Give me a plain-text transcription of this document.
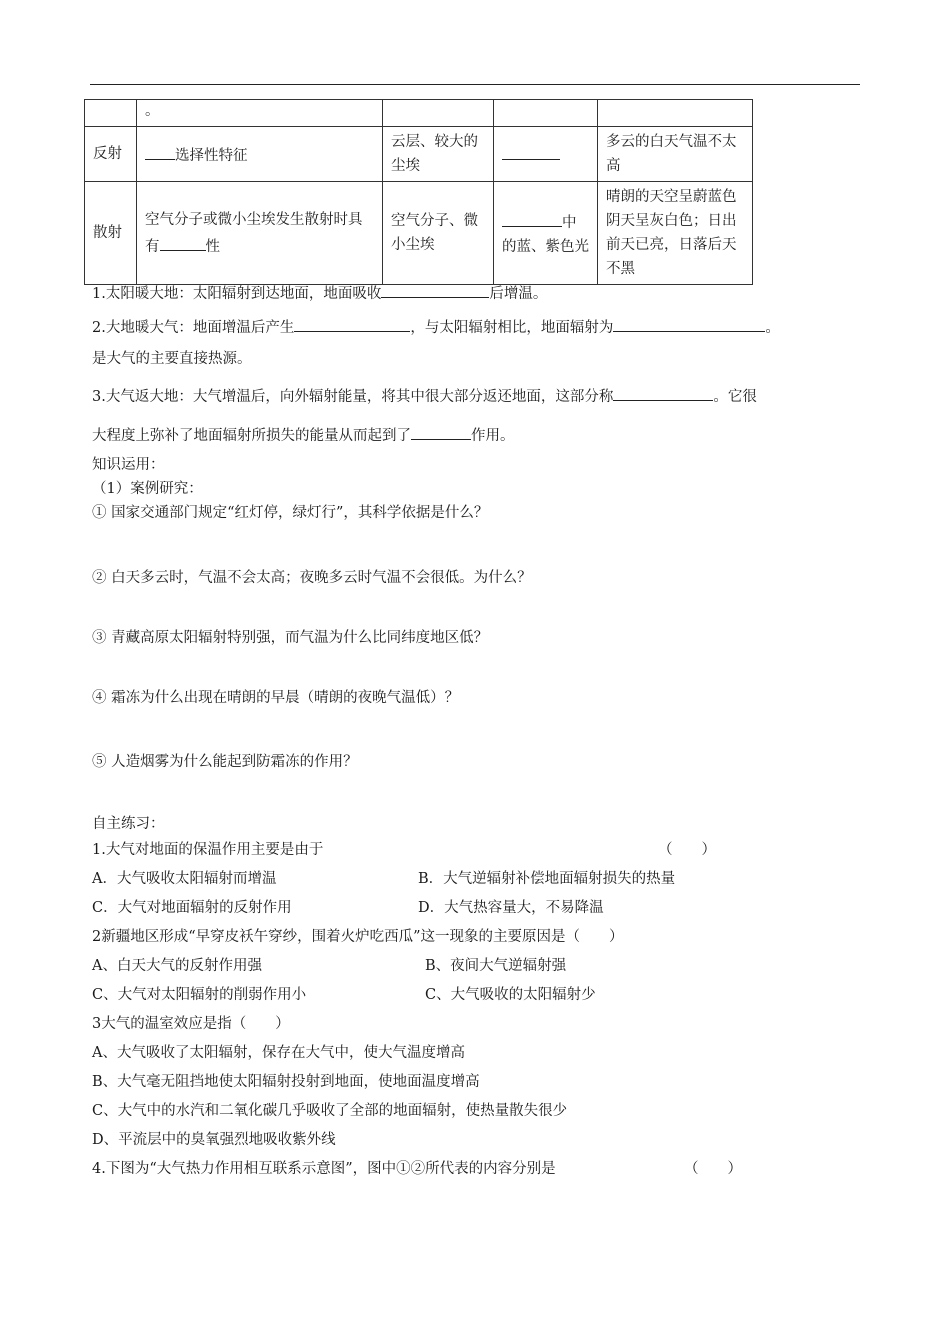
	。			
反射	选择性特征	云层、较大的尘埃		多云的白天气温不太高
散射	空气分子或微小尘埃发生散射时具有 性	空气分子、微小尘埃	中的蓝、紫色光	晴朗的天空呈蔚蓝色阴天呈灰白色；日出前天已亮，日落后天不黑
1.太阳暖大地：太阳辐射到达地面，地面吸收	后增温。
2.大地暖大气：地面增温后产生	，与太阳辐射相比，地面辐射为	。
是大气的主要直接热源。
3.大气返大地：大气增温后，向外辐射能量，将其中很大部分返还地面，这部分称	。它很
大程度上弥补了地面辐射所损失的能量从而起到了	作用。
知识运用：
（1）案例研究：
① 国家交通部门规定“红灯停，绿灯行”，其科学依据是什么？
② 白天多云时，气温不会太高；夜晚多云时气温不会很低。为什么？
③ 青藏高原太阳辐射特别强，而气温为什么比同纬度地区低？
④ 霜冻为什么出现在晴朗的早晨（晴朗的夜晚气温低）？
⑤ 人造烟雾为什么能起到防霜冻的作用？
自主练习：
1.大气对地面的保温作用主要是由于	（　　）
A．大气吸收太阳辐射而增温	B．大气逆辐射补偿地面辐射损失的热量
C．大气对地面辐射的反射作用	D．大气热容量大，不易降温
2新疆地区形成“早穿皮袄午穿纱，围着火炉吃西瓜”这一现象的主要原因是（　　）
A、白天大气的反射作用强	B、夜间大气逆辐射强
C、大气对太阳辐射的削弱作用小	C、大气吸收的太阳辐射少
3大气的温室效应是指（　　）
A、大气吸收了太阳辐射，保存在大气中，使大气温度增高
B、大气毫无阻挡地使太阳辐射投射到地面，使地面温度增高
C、大气中的水汽和二氧化碳几乎吸收了全部的地面辐射，使热量散失很少
D、平流层中的臭氧强烈地吸收紫外线
4.下图为“大气热力作用相互联系示意图”，图中①②所代表的内容分别是	（　　）
